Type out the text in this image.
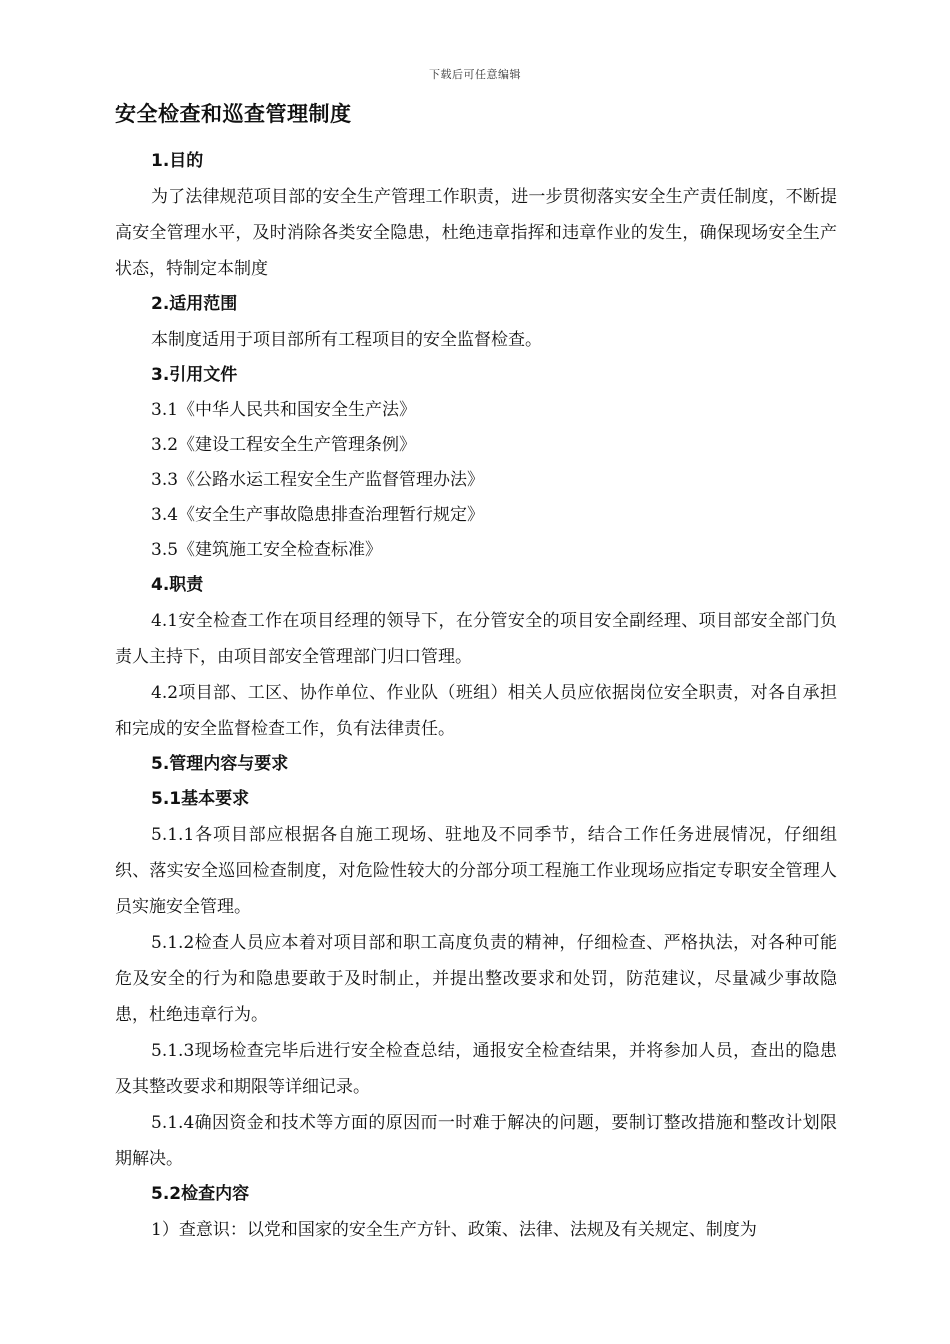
下载后可任意编辑
安全检查和巡查管理制度

1.目的

为了法律规范项目部的安全生产管理工作职责，进一步贯彻落实安全生产责任制度，不断提高安全管理水平，及时消除各类安全隐患，杜绝违章指挥和违章作业的发生，确保现场安全生产状态，特制定本制度

2.适用范围

本制度适用于项目部所有工程项目的安全监督检查。

3.引用文件

3.1《中华人民共和国安全生产法》

3.2《建设工程安全生产管理条例》

3.3《公路水运工程安全生产监督管理办法》

3.4《安全生产事故隐患排查治理暂行规定》

3.5《建筑施工安全检查标准》

4.职责

4.1安全检查工作在项目经理的领导下，在分管安全的项目安全副经理、项目部安全部门负责人主持下，由项目部安全管理部门归口管理。

4.2项目部、工区、协作单位、作业队（班组）相关人员应依据岗位安全职责，对各自承担和完成的安全监督检查工作，负有法律责任。

5.管理内容与要求

5.1基本要求

5.1.1各项目部应根据各自施工现场、驻地及不同季节，结合工作任务进展情况，仔细组织、落实安全巡回检查制度，对危险性较大的分部分项工程施工作业现场应指定专职安全管理人员实施安全管理。

5.1.2检查人员应本着对项目部和职工高度负责的精神，仔细检查、严格执法，对各种可能危及安全的行为和隐患要敢于及时制止，并提出整改要求和处罚，防范建议，尽量减少事故隐患，杜绝违章行为。

5.1.3现场检查完毕后进行安全检查总结，通报安全检查结果，并将参加人员，查出的隐患及其整改要求和期限等详细记录。

5.1.4确因资金和技术等方面的原因而一时难于解决的问题，要制订整改措施和整改计划限期解决。

5.2检查内容

1）查意识：以党和国家的安全生产方针、政策、法律、法规及有关规定、制度为
